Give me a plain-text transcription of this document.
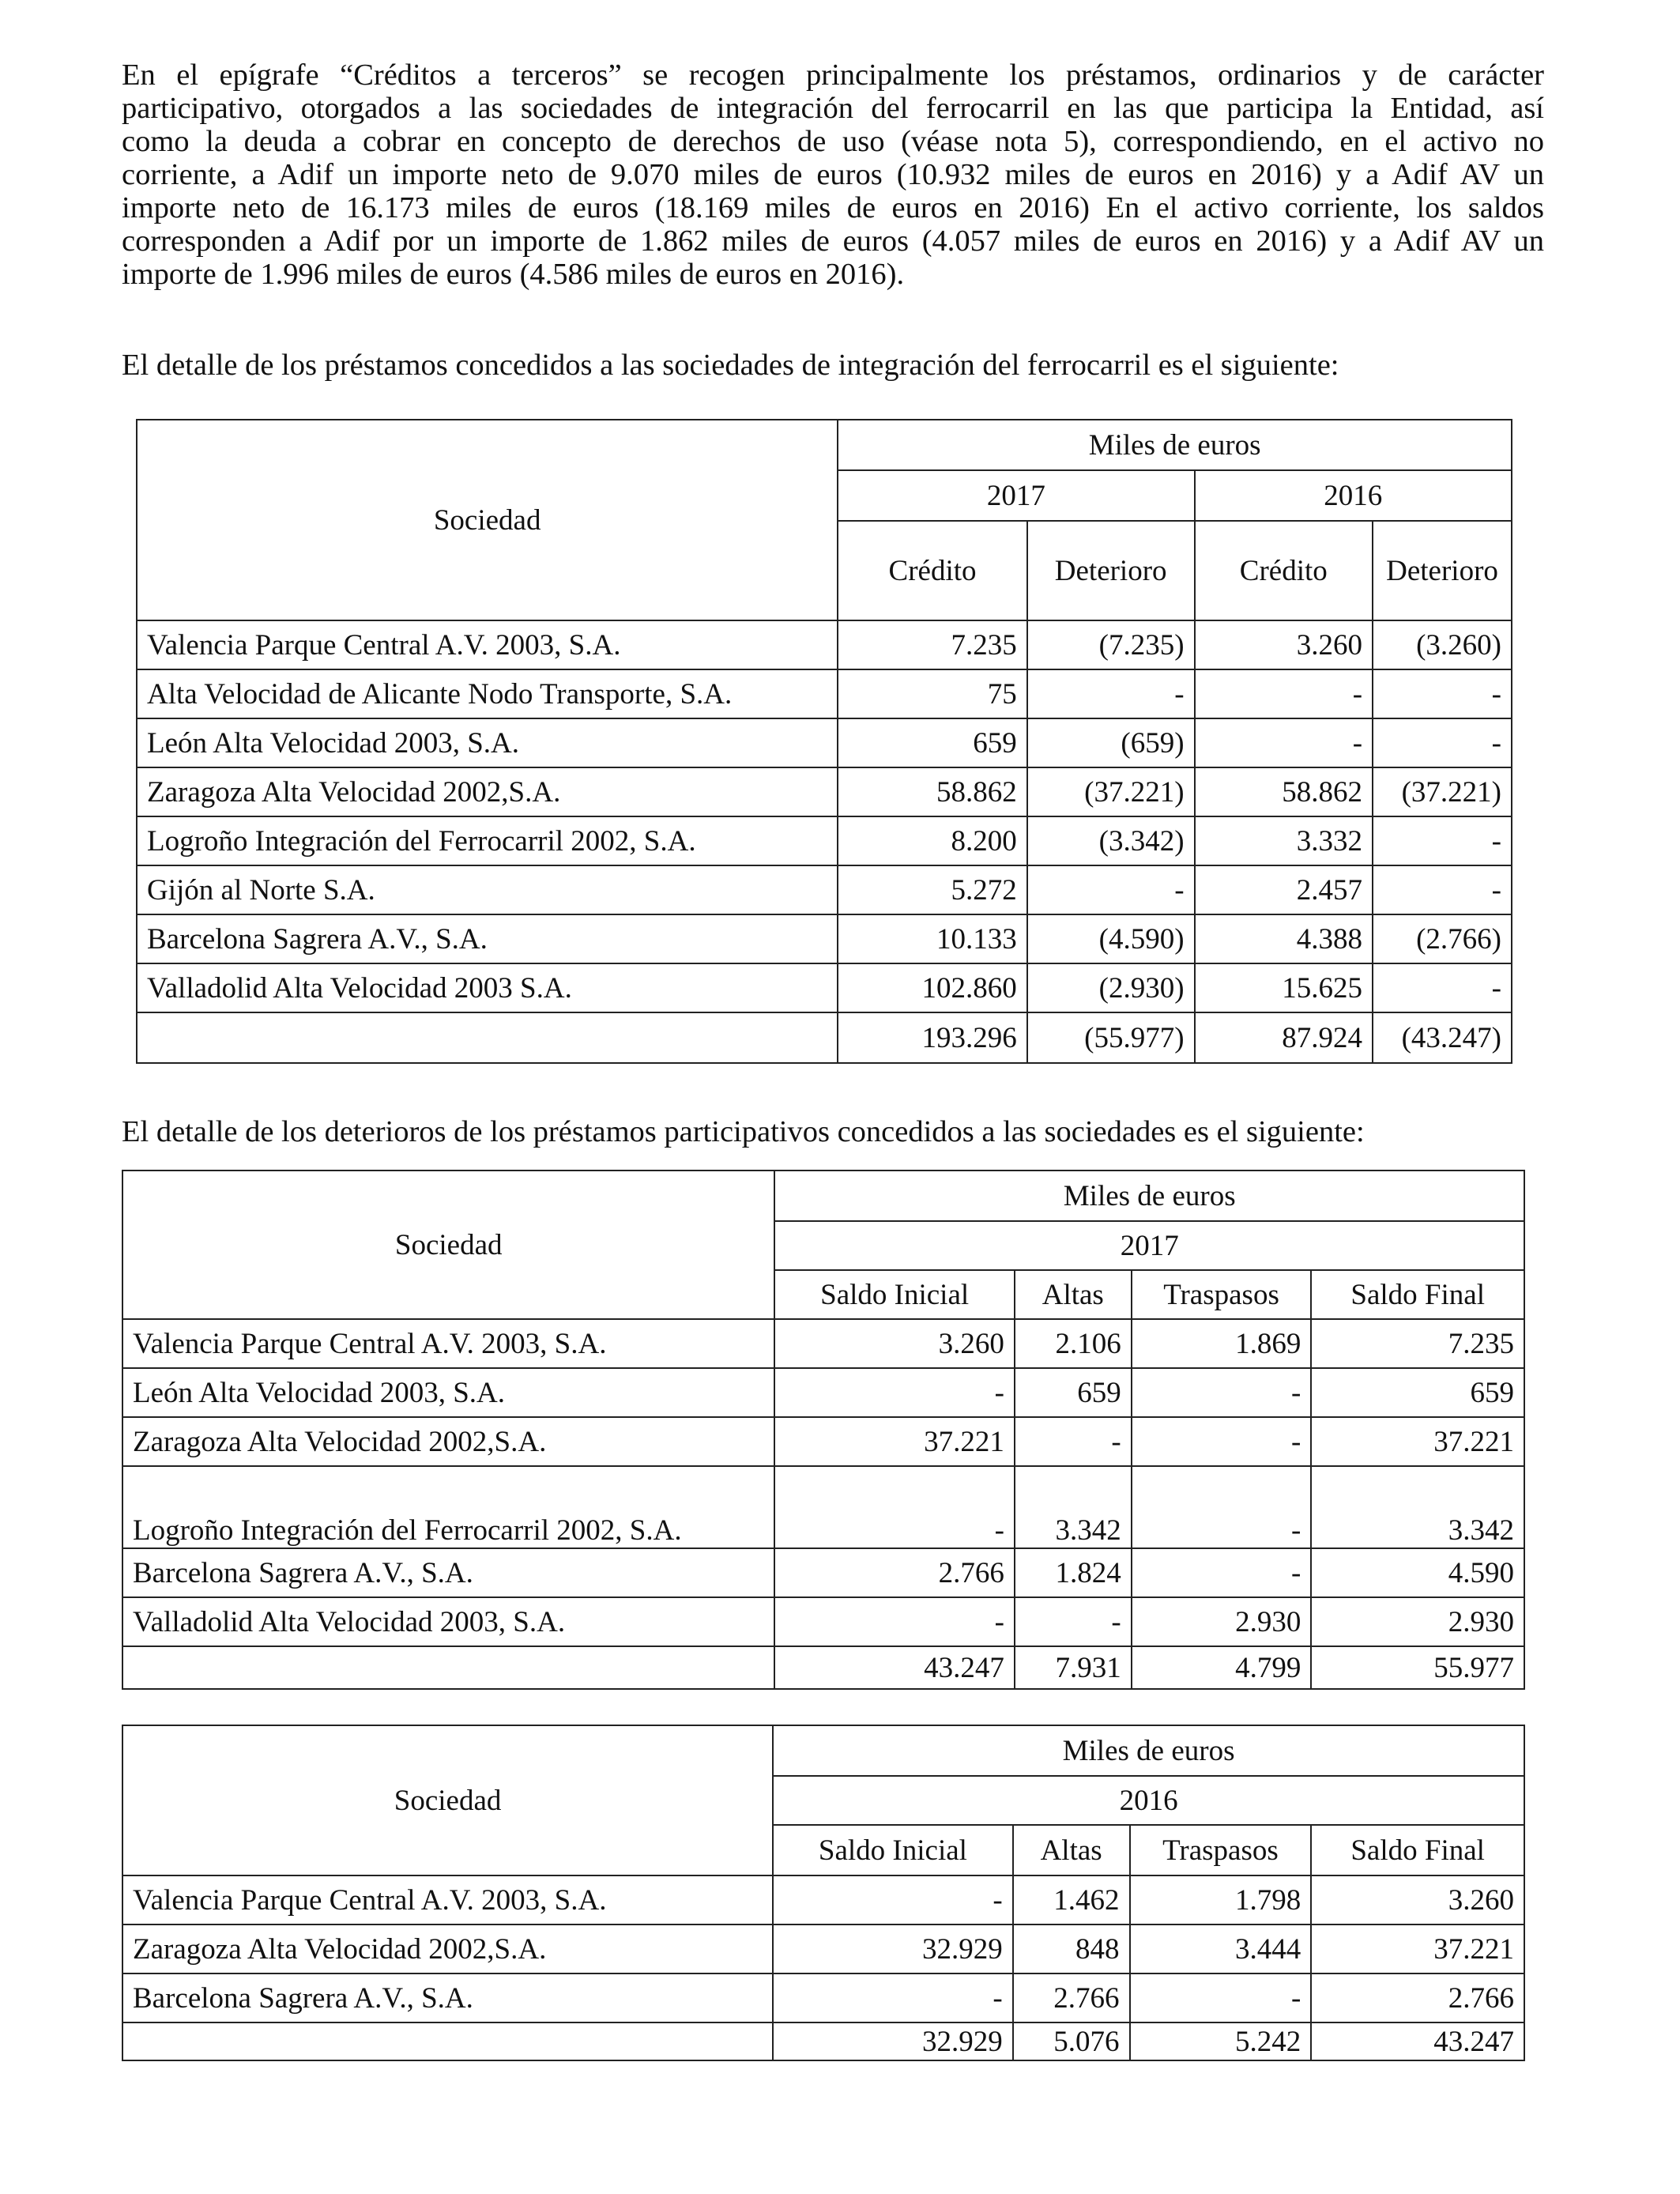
En el epígrafe “Créditos a terceros” se recogen principalmente los préstamos, ordinarios y de carácter
participativo, otorgados a las sociedades de integración del ferrocarril en las que participa la Entidad, así
como la deuda a cobrar en concepto de derechos de uso (véase nota 5), correspondiendo, en el activo no
corriente, a Adif un importe neto de 9.070 miles de euros (10.932 miles de euros en 2016) y a Adif AV un
importe neto de 16.173 miles de euros (18.169 miles de euros en 2016) En el activo corriente, los saldos
corresponden a Adif por un importe de 1.862 miles de euros (4.057 miles de euros en 2016) y a Adif AV un
importe de 1.996 miles de euros (4.586 miles de euros en 2016).

El detalle de los préstamos concedidos a las sociedades de integración del ferrocarril es el siguiente:

Sociedad	Miles de euros			
	2017		2016	
	Crédito	Deterioro	Crédito	Deterioro
Valencia Parque Central A.V. 2003, S.A.	7.235	(7.235)	3.260	(3.260)
Alta Velocidad de Alicante Nodo Transporte, S.A.	75	-	-	-
León Alta Velocidad 2003, S.A.	659	(659)	-	-
Zaragoza Alta Velocidad 2002,S.A.	58.862	(37.221)	58.862	(37.221)
Logroño Integración del Ferrocarril 2002, S.A.	8.200	(3.342)	3.332	-
Gijón al Norte S.A.	5.272	-	2.457	-
Barcelona Sagrera A.V., S.A.	10.133	(4.590)	4.388	(2.766)
Valladolid Alta Velocidad 2003 S.A.	102.860	(2.930)	15.625	-
	193.296	(55.977)	87.924	(43.247)

El detalle de los deterioros de los préstamos participativos concedidos a las sociedades es el siguiente:

Sociedad	Miles de euros			
	2017			
	Saldo Inicial	Altas	Traspasos	Saldo Final
Valencia Parque Central A.V. 2003, S.A.	3.260	2.106	1.869	7.235
León Alta Velocidad 2003, S.A.	-	659	-	659
Zaragoza Alta Velocidad 2002,S.A.	37.221	-	-	37.221
Logroño Integración del Ferrocarril 2002, S.A.	-	3.342	-	3.342
Barcelona Sagrera A.V., S.A.	2.766	1.824	-	4.590
Valladolid Alta Velocidad 2003, S.A.	-	-	2.930	2.930
	43.247	7.931	4.799	55.977
Sociedad	Miles de euros			
	2016			
	Saldo Inicial	Altas	Traspasos	Saldo Final
Valencia Parque Central A.V. 2003, S.A.	-	1.462	1.798	3.260
Zaragoza Alta Velocidad 2002,S.A.	32.929	848	3.444	37.221
Barcelona Sagrera A.V., S.A.	-	2.766	-	2.766
	32.929	5.076	5.242	43.247
